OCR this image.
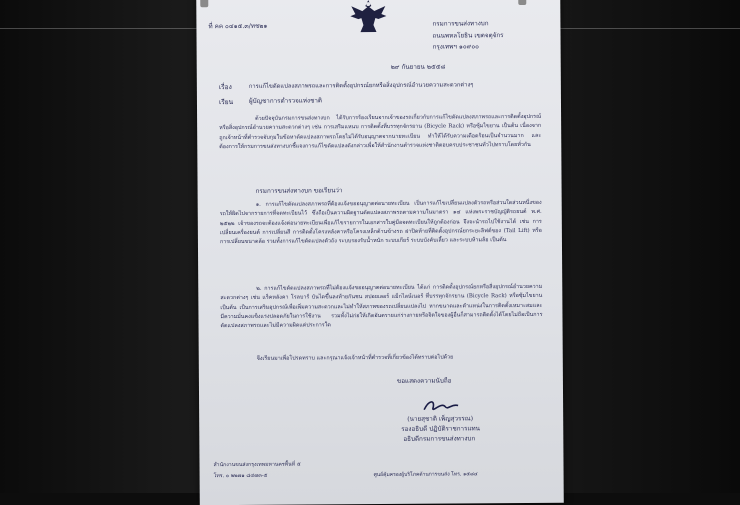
ที่ คค ๐๔๑๕.๓/ทช๒๑	กรมการขนส่งทางบก
ถนนพหลโยธิน เขตจตุจักร
กรุงเทพฯ ๑๐๙๐๐
๒๙ กันยายน ๒๕๕๘
เรื่อง	การแก้ไขดัดแปลงสภาพรถและการติดตั้งอุปกรณ์ยกหรือสิ่งอุปกรณ์อำนวยความสะดวกต่างๆ
เรียน	ผู้บัญชาการตำรวจแห่งชาติ
ด้วยปัจจุบันกรมการขนส่งทางบก ได้รับการร้องเรียนจากเจ้าของรถเกี่ยวกับการแก้ไขดัดแปลงสภาพรถและการติดตั้งอุปกรณ์หรือสิ่งอุปกรณ์อำนวยความสะดวกต่างๆ เช่น การเสริมแหนบ การติดตั้งที่บรรทุกจักรยาน (Bicycle Rack) หรือซุ้มไขยาน เป็นต้น เนื่องจากถูกเจ้าหน้าที่ตำรวจจับกุมในข้อหาดัดแปลงสภาพรถโดยไม่ได้รับอนุญาตจากนายทะเบียน ทำให้ได้รับความเดือดร้อนเป็นจำนวนมาก และต้องการให้กรมการขนส่งทางบกชี้แจงการแก้ไขดัดแปลงดังกล่าวเพื่อให้สำนักงานตำรวจแห่งชาติตอบครบประชาชนทั่วไปทราบโดยทั่วกัน
กรมการขนส่งทางบก ขอเรียนว่า
๑. การแก้ไขดัดแปลงสภาพรถที่ต้องแจ้งขออนุญาตต่อนายทะเบียน เป็นการแก้ไขเปลี่ยนแปลงตัวรถหรือส่วนใดส่วนหนึ่งของรถให้ผิดไปจากรายการที่จดทะเบียนไว้ ซึ่งถือเป็นความผิดฐานดัดแปลงสภาพรถตามความในมาตรา ๑๔ แห่งพระราชบัญญัติรถยนต์ พ.ศ. ๒๕๒๒ เจ้าของรถจะต้องแจ้งต่อนายทะเบียนเพื่อแก้ไขรายการในเอกสารใบคู่มือจดทะเบียนให้ถูกต้องก่อน จึงจะนำรถไปใช้งานได้ เช่น การเปลี่ยนเครื่องยนต์ การเปลี่ยนสี การติดตั้งโครงหลังคาหรือโครงเหล็กด้านข้างรถ ฝาปิดท้ายที่ติดตั้งอุปกรณ์ยกระยะลิฟต์ของ (Tail Lift) หรือการเปลี่ยนขนาดล้อ รวมทั้งการแก้ไขดัดแปลงตัวถัง ระบบรองรับน้ำหนัก ระบบเกียร์ ระบบบังคับเลี้ยว และระบบห้ามล้อ เป็นต้น
๒. การแก้ไขดัดแปลงสภาพรถที่ไม่ต้องแจ้งขออนุญาตต่อนายทะเบียน ได้แก่ การติดตั้งอุปกรณ์ยกหรือสิ่งอุปกรณ์อำนวยความสะดวกต่างๆ เช่น แร็คหลังคา โรลบาร์ บันไดขึ้นลงท้ายกันชน สปอยเลอร์ แม็กไลน์เนอร์ ที่บรรทุกจักรยาน (Bicycle Rack) หรือซุ้มไขยาน เป็นต้น เป็นการเสริมอุปกรณ์เพื่อเพิ่มความสะดวกและไม่ทำให้สภาพของรถเปลี่ยนแปลงไป หากขนาดและตำแหน่งในการติดตั้งเหมาะสมและมีความมั่นคงแข็งแรงปลอดภัยในการใช้งาน รวมทั้งไม่ก่อให้เกิดอันตรายแก่ร่างกายหรือจิตใจของผู้อื่นก็สามารถติดตั้งได้โดยไม่ถือเป็นการดัดแปลงสภาพรถและไม่มีความผิดแต่ประการใด
จึงเรียนมาเพื่อโปรดทราบ และกรุณาแจ้งเจ้าหน้าที่ตำรวจที่เกี่ยวข้องได้ทราบต่อไปด้วย
ขอแสดงความนับถือ
(นายสุชาติ เพ็ญสุวรรณ)
รองอธิบดี ปฏิบัติราชการแทน
อธิบดีกรมการขนส่งทางบก
สำนักงานขนส่งกรุงเทพมหานครพื้นที่ ๕
โทร. ๐ ๒๒๗๑ ๘๔๗๓-๕	ศูนย์คุ้มครองผู้บริโภคด้านการขนส่ง โทร. ๑๕๘๔
